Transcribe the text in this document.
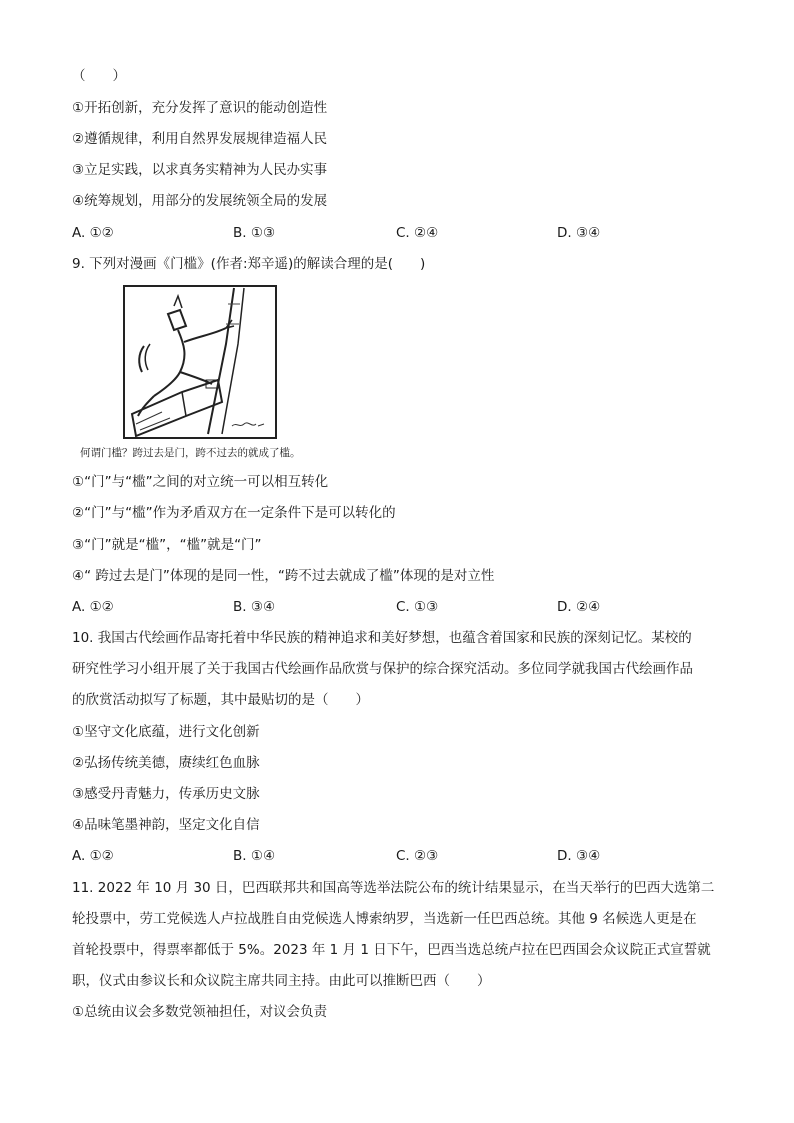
（　　）
①开拓创新，充分发挥了意识的能动创造性
②遵循规律，利用自然界发展规律造福人民
③立足实践，以求真务实精神为人民办实事
④统筹规划，用部分的发展统领全局的发展
A. ①②	B. ①③	C. ②④	D. ③④
9. 下列对漫画《门槛》(作者:郑辛遥)的解读合理的是(　　)
何谓门槛？跨过去是门，跨不过去的就成了槛。
①“门”与“槛”之间的对立统一可以相互转化
②“门”与“槛”作为矛盾双方在一定条件下是可以转化的
③“门”就是“槛”，“槛”就是“门”
④“ 跨过去是门”体现的是同一性，“跨不过去就成了槛”体现的是对立性
A. ①②	B. ③④	C. ①③	D. ②④
10. 我国古代绘画作品寄托着中华民族的精神追求和美好梦想，也蕴含着国家和民族的深刻记忆。某校的
研究性学习小组开展了关于我国古代绘画作品欣赏与保护的综合探究活动。多位同学就我国古代绘画作品
的欣赏活动拟写了标题，其中最贴切的是（　　）
①坚守文化底蕴，进行文化创新
②弘扬传统美德，赓续红色血脉
③感受丹青魅力，传承历史文脉
④品味笔墨神韵，坚定文化自信
A. ①②	B. ①④	C. ②③	D. ③④
11. 2022 年 10 月 30 日，巴西联邦共和国高等选举法院公布的统计结果显示，在当天举行的巴西大选第二
轮投票中，劳工党候选人卢拉战胜自由党候选人博索纳罗，当选新一任巴西总统。其他 9 名候选人更是在
首轮投票中，得票率都低于 5%。2023 年 1 月 1 日下午，巴西当选总统卢拉在巴西国会众议院正式宣誓就
职，仪式由参议长和众议院主席共同主持。由此可以推断巴西（　　）
①总统由议会多数党领袖担任，对议会负责
